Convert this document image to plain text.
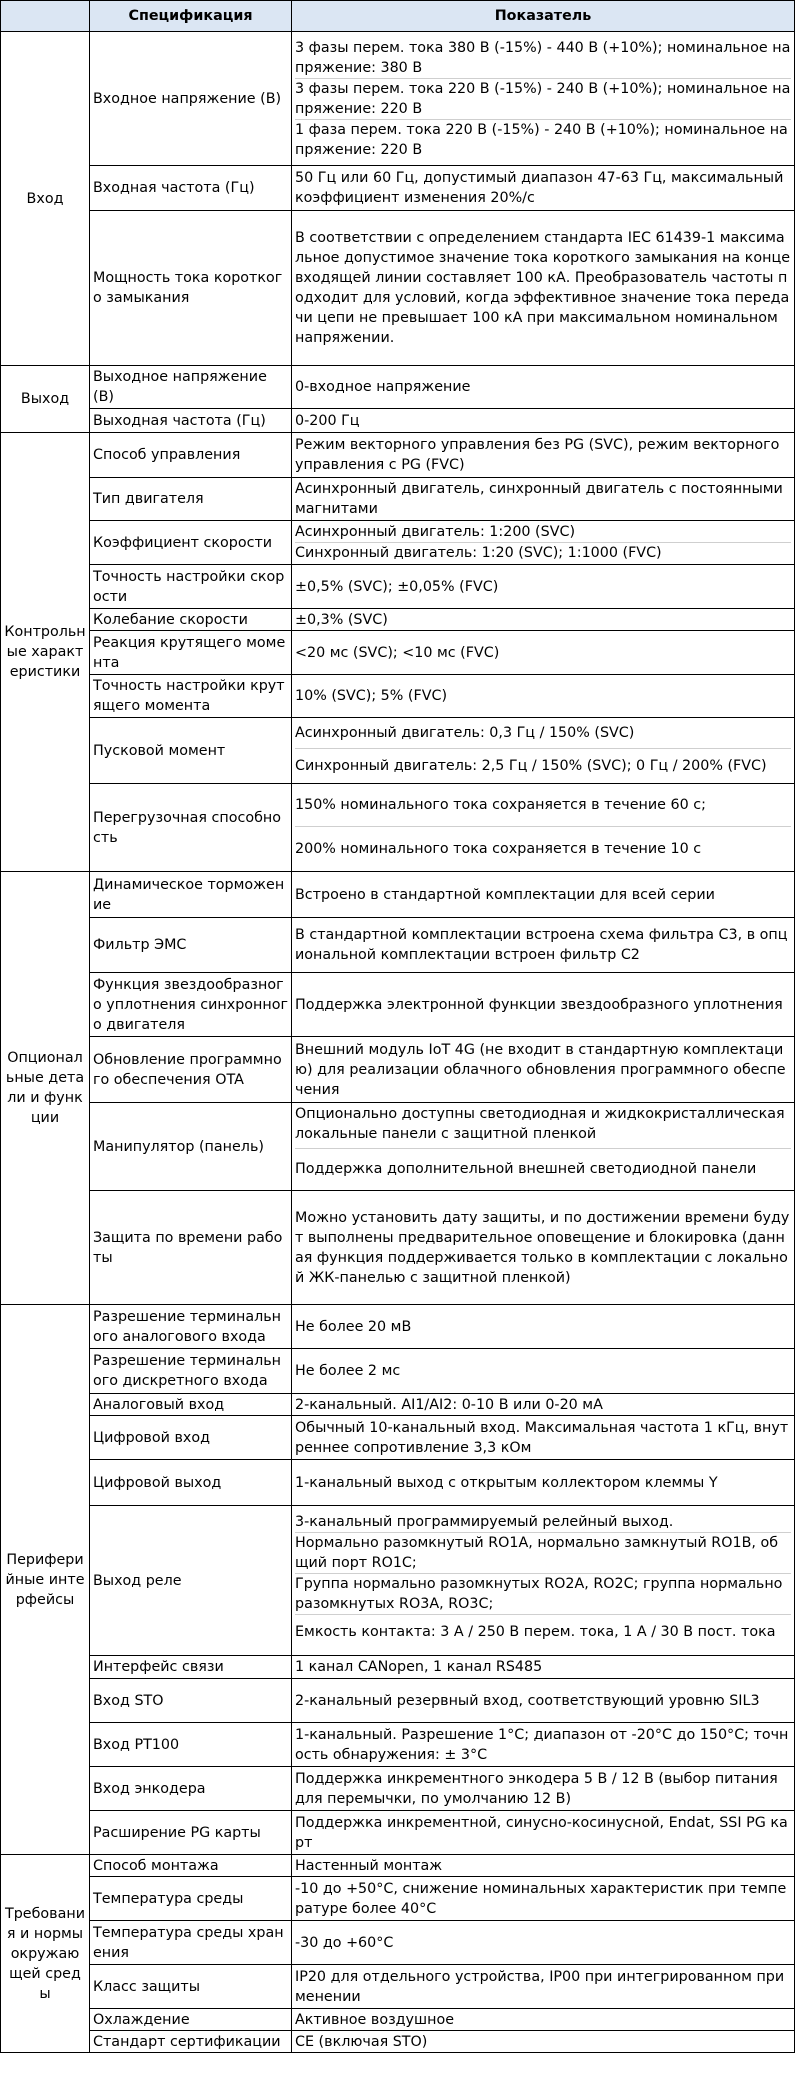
	Спецификация	Показатель
Вход	Входное напряжение (В)	3 фазы перем. тока 380 В (-15%) - 440 В (+10%); номинальное напряжение: 380 В
3 фазы перем. тока 220 В (-15%) - 240 В (+10%); номинальное напряжение: 220 В
1 фаза перем. тока 220 В (-15%) - 240 В (+10%); номинальное напряжение: 220 В

	Входная частота (Гц)	50 Гц или 60 Гц, допустимый диапазон 47-63 Гц, максимальный коэффициент изменения 20%/с
	Мощность тока короткого замыкания	В соответствии с определением стандарта IEC 61439-1 максимальное допустимое значение тока короткого замыкания на конце входящей линии составляет 100 кА. Преобразователь частоты подходит для условий, когда эффективное значение тока передачи цепи не превышает 100 кА при максимальном номинальном напряжении.
Выход	Выходное напряжение (В)	0-входное напряжение
	Выходная частота (Гц)	0-200 Гц
Контрольные характеристики	Способ управления	Режим векторного управления без PG (SVC), режим векторного управления с PG (FVC)
	Тип двигателя	Асинхронный двигатель, синхронный двигатель с постоянными магнитами
	Коэффициент скорости	Асинхронный двигатель: 1:200 (SVC)
Синхронный двигатель: 1:20 (SVC); 1:1000 (FVC)

	Точность настройки скорости	±0,5% (SVC); ±0,05% (FVC)
	Колебание скорости	±0,3% (SVC)
	Реакция крутящего момента	<20 мс (SVC); <10 мс (FVC)
	Точность настройки крутящего момента	10% (SVC); 5% (FVC)
	Пусковой момент	Асинхронный двигатель: 0,3 Гц / 150% (SVC)
Синхронный двигатель: 2,5 Гц / 150% (SVC); 0 Гц / 200% (FVC)

	Перегрузочная способность	150% номинального тока сохраняется в течение 60 с;
200% номинального тока сохраняется в течение 10 с

Опциональные детали и функции	Динамическое торможение	Встроено в стандартной комплектации для всей серии
	Фильтр ЭМС	В стандартной комплектации встроена схема фильтра C3, в опциональной комплектации встроен фильтр C2
	Функция звездообразного уплотнения синхронного двигателя	Поддержка электронной функции звездообразного уплотнения
	Обновление программного обеспечения OTA	Внешний модуль IoT 4G (не входит в стандартную комплектацию) для реализации облачного обновления программного обеспечения
	Манипулятор (панель)	Опционально доступны светодиодная и жидкокристаллическая локальные панели с защитной пленкой
Поддержка дополнительной внешней светодиодной панели

	Защита по времени работы	Можно установить дату защиты, и по достижении времени будут выполнены предварительное оповещение и блокировка (данная функция поддерживается только в комплектации с локальной ЖК-панелью с защитной пленкой)
Периферийные интерфейсы	Разрешение терминального аналогового входа	Не более 20 мВ
	Разрешение терминального дискретного входа	Не более 2 мс
	Аналоговый вход	2-канальный. AI1/AI2: 0-10 В или 0-20 мА
	Цифровой вход	Обычный 10-канальный вход. Максимальная частота 1 кГц, внутреннее сопротивление 3,3 кОм
	Цифровой выход	1-канальный выход с открытым коллектором клеммы Y
	Выход реле	3-канальный программируемый релейный выход.
Нормально разомкнутый RO1A, нормально замкнутый RO1B, общий порт RO1C;
Группа нормально разомкнутых RO2A, RO2C; группа нормально разомкнутых RO3A, RO3C;
Емкость контакта: 3 A / 250 В перем. тока, 1 A / 30 В пост. тока

	Интерфейс связи	1 канал CANopen, 1 канал RS485
	Вход STO	2-канальный резервный вход, соответствующий уровню SIL3
	Вход PT100	1-канальный. Разрешение 1°C; диапазон от -20°C до 150°C; точность обнаружения: ± 3°C
	Вход энкодера	Поддержка инкрементного энкодера 5 В / 12 В (выбор питания для перемычки, по умолчанию 12 В)
	Расширение PG карты	Поддержка инкрементной, синусно-косинусной, Endat, SSI PG карт
Требования и нормы окружающей среды	Способ монтажа	Настенный монтаж
	Температура среды	-10 до +50°C, снижение номинальных характеристик при температуре более 40°C
	Температура среды хранения	-30 до +60°C
	Класс защиты	IP20 для отдельного устройства, IP00 при интегрированном применении
	Охлаждение	Активное воздушное
	Стандарт сертификации	CE (включая STO)
